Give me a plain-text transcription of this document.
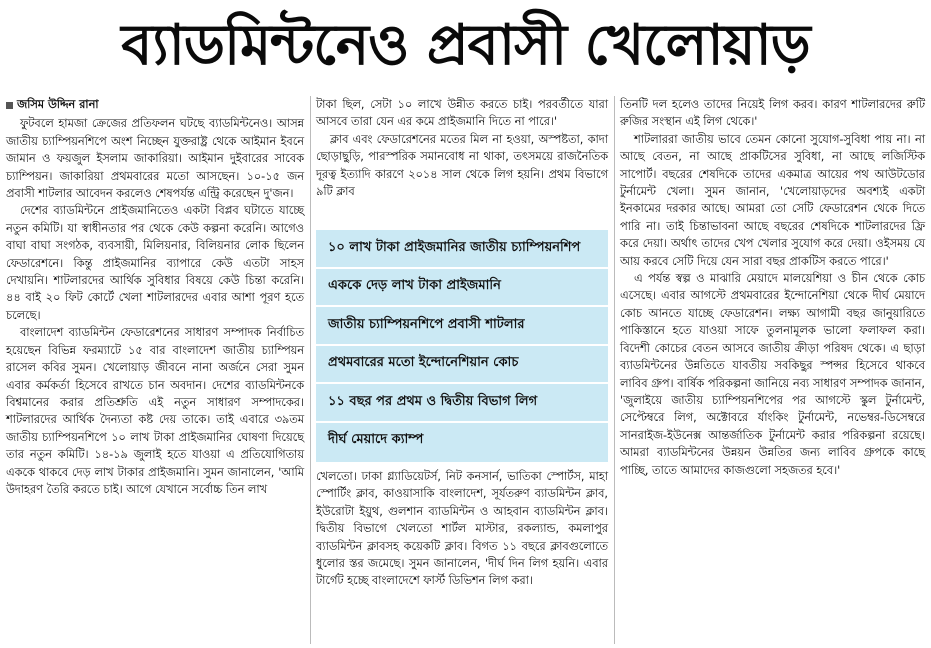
ব্যাডমিন্টনেও প্রবাসী খেলোয়াড়
জসিম উদ্দিন রানা

ফুটবলে হামজা ক্রেজের প্রতিফলন ঘটছে ব্যাডমিন্টনেও। আসন্ন জাতীয় চ্যাম্পিয়নশিপে অংশ নিচ্ছেন যুক্তরাষ্ট্র থেকে আইমান ইবনে জামান ও ফয়জুল ইসলাম জাকারিয়া। আইমান দুইবারের সাবেক চ্যাম্পিয়ন। জাকারিয়া প্রথমবারের মতো আসছেন। ১০-১৫ জন প্রবাসী শাটলার আবেদন করলেও শেষপর্যন্ত এন্ট্রি করেছেন দু'জন।

দেশের ব্যাডমিন্টনে প্রাইজমানিতেও একটা বিপ্লব ঘটাতে যাচ্ছে নতুন কমিটি। যা স্বাধীনতার পর থেকে কেউ কল্পনা করেনি। আগেও বাঘা বাঘা সংগঠক, ব্যবসায়ী, মিলিয়নার, বিলিয়নার লোক ছিলেন ফেডারেশনে। কিন্তু প্রাইজমানির ব্যাপারে কেউ এতটা সাহস দেখায়নি। শাটলারদের আর্থিক সুবিধার বিষয়ে কেউ চিন্তা করেনি। ৪৪ বাই ২০ ফিট কোর্টে খেলা শাটলারদের এবার আশা পূরণ হতে চলেছে।

বাংলাদেশ ব্যাডমিন্টন ফেডারেশনের সাধারণ সম্পাদক নির্বাচিত হয়েছেন বিভিন্ন ফরম্যাটে ১৫ বার বাংলাদেশ জাতীয় চ্যাম্পিয়ন রাসেল কবির সুমন। খেলোয়াড় জীবনে নানা অর্জনে সেরা সুমন এবার কর্মকর্তা হিসেবে রাখতে চান অবদান। দেশের ব্যাডমিন্টনকে বিশ্বমানের করার প্রতিশ্রুতি এই নতুন সাধারণ সম্পাদকের। শাটলারদের আর্থিক দৈন্যতা কষ্ট দেয় তাকে। তাই এবারে ৩৯তম জাতীয় চ্যাম্পিয়নশিপে ১০ লাখ টাকা প্রাইজমানির ঘোষণা দিয়েছে তার নতুন কমিটি। ১৪-১৯ জুলাই হতে যাওয়া এ প্রতিযোগিতায় এককে থাকবে দেড় লাখ টাকার প্রাইজমানি। সুমন জানালেন, 'আমি উদাহরণ তৈরি করতে চাই। আগে যেখানে সর্বোচ্চ তিন লাখ

টাকা ছিল, সেটা ১০ লাখে উন্নীত করতে চাই। পরবর্তীতে যারা আসবে তারা যেন এর কমে প্রাইজমানি দিতে না পারে।'

ক্লাব এবং ফেডারেশনের মতের মিল না হওয়া, অস্পষ্টতা, কাদা ছোড়াছুড়ি, পারস্পরিক সমানবোধ না থাকা, তৎসময়ে রাজনৈতিক দূরত্ব ইত্যাদি কারণে ২০১৪ সাল থেকে লিগ হয়নি। প্রথম বিভাগে ৯টি ক্লাব

১০ লাখ টাকা প্রাইজমানির জাতীয় চ্যাম্পিয়নশিপ
এককে দেড় লাখ টাকা প্রাইজমানি
জাতীয় চ্যাম্পিয়নশিপে প্রবাসী শাটলার
প্রথমবারের মতো ইন্দোনেশিয়ান কোচ
১১ বছর পর প্রথম ও দ্বিতীয় বিভাগ লিগ
দীর্ঘ মেয়াদে ক্যাম্প

খেলতো। ঢাকা গ্ল্যাডিয়েটর্স, নিট কনসার্ন, ভাতিকা স্পোর্টস, মাহা স্পোর্টিং ক্লাব, কাওয়াসাকি বাংলাদেশ, সূর্যতরুণ ব্যাডমিন্টন ক্লাব, ইউরোটা ইয়ুথ, গুলশান ব্যাডমিন্টন ও আহবান ব্যাডমিন্টন ক্লাব। দ্বিতীয় বিভাগে খেলতো শার্টল মাস্টার, রকল্যান্ড, কমলাপুর ব্যাডমিন্টন ক্লাবসহ কয়েকটি ক্লাব। বিগত ১১ বছরে ক্লাবগুলোতে ধুলোর স্তর জমেছে। সুমন জানালেন, 'দীর্ঘ দিন লিগ হয়নি। এবার টার্গেট হচ্ছে বাংলাদেশে ফার্স্ট ডিভিশন লিগ করা।

তিনটি দল হলেও তাদের নিয়েই লিগ করব। কারণ শাটলারদের রুটি রুজির সংস্থান এই লিগ থেকে।'

শাটলাররা জাতীয় ভাবে তেমন কোনো সুযোগ-সুবিধা পায় না। না আছে বেতন, না আছে প্রাকটিসের সুবিধা, না আছে লজিস্টিক সাপোর্ট। বছরের শেষদিকে তাদের একমাত্র আয়ের পথ আউটডোর টুর্নামেন্ট খেলা। সুমন জানান, 'খেলোয়াড়দের অবশ্যই একটা ইনকামের দরকার আছে। আমরা তো সেটি ফেডারেশন থেকে দিতে পারি না। তাই চিন্তাভাবনা আছে বছরের শেষদিকে শাটলারদের ফ্রি করে দেয়া। অর্থাৎ তাদের খেপ খেলার সুযোগ করে দেয়া। ওইসময় যে আয় করবে সেটি দিয়ে যেন সারা বছর প্রাকটিস করতে পারে।'

এ পর্যন্ত স্বল্প ও মাঝারি মেয়াদে মালয়েশিয়া ও চীন থেকে কোচ এসেছে। এবার আগস্টে প্রথমবারের ইন্দোনেশিয়া থেকে দীর্ঘ মেয়াদে কোচ আনতে যাচ্ছে ফেডারেশন। লক্ষ্য আগামী বছর জানুয়ারিতে পাকিস্তানে হতে যাওয়া সাফে তুলনামূলক ভালো ফলাফল করা। বিদেশী কোচের বেতন আসবে জাতীয় ক্রীড়া পরিষদ থেকে। এ ছাড়া ব্যাডমিন্টনের উন্নতিতে যাবতীয় সবকিছুর স্পন্সর হিসেবে থাকবে লাবিব গ্রুপ। বার্ষিক পরিকল্পনা জানিয়ে নব্য সাধারণ সম্পাদক জানান, 'জুলাইয়ে জাতীয় চ্যাম্পিয়নশিপের পর আগস্টে স্কুল টুর্নামেন্ট, সেপ্টেম্বরে লিগ, অক্টোবরে র্যাংকিং টুর্নামেন্ট, নভেম্বর-ডিসেম্বরে সানরাইজ-ইউনেক্স আন্তর্জাতিক টুর্নামেন্ট করার পরিকল্পনা রয়েছে। আমরা ব্যাডমিন্টনের উন্নয়ন উন্নতির জন্য লাবিব গ্রুপকে কাছে পাচ্ছি, তাতে আমাদের কাজগুলো সহজতর হবে।'
